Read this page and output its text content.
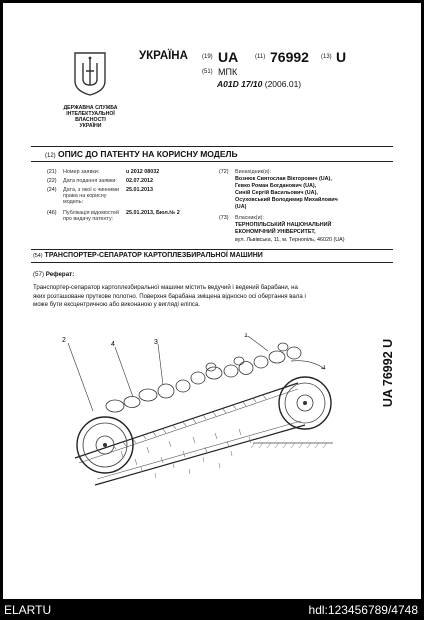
ДЕРЖАВНА СЛУЖБА
ІНТЕЛЕКТУАЛЬНОЇ
ВЛАСНОСТІ
УКРАЇНИ
УКРАЇНА (19) UA	(11) 76992 (13) U
(51) МПК
A01D 17/10 (2006.01)
(12) ОПИС ДО ПАТЕНТУ НА КОРИСНУ МОДЕЛЬ
(21) Номер заявки:	u 2012 08032
(22) Дата подання заявки:	02.07.2012
(24) Дата, з якої є чинними права на корисну модель:
25.01.2013
(46) Публікація відомостей про видачу патенту:
25.01.2013, Бюл.№ 2
(72) Винахідник(и):
Вознюк Святослав Вікторович (UA),
Гевко Роман Богданович (UA),
Синій Сергій Васильович (UA),
Осуховський Володимир Михайлович
(UA)
(73) Власник(и):
ТЕРНОПІЛЬСЬКИЙ НАЦІОНАЛЬНИЙ
ЕКОНОМІЧНИЙ УНІВЕРСИТЕТ,
вул. Львівська, 11, м. Тернопіль, 46020 (UA)
(54) ТРАНСПОРТЕР-СЕПАРАТОР КАРТОПЛЕЗБИРАЛЬНОЇ МАШИНИ
(57) Реферат:
Транспортер-сепаратор картоплезбиральної машини містить ведучий і ведений барабани, на
яких розташоване пруткове полотно. Поверхня барабана зміщена відносно осі обертання вала і
може бути ексцентричною або виконаною у вигляді еліпса.
UA 76992 U
1
2	3
4
ELARTU	hdl:123456789/4748
